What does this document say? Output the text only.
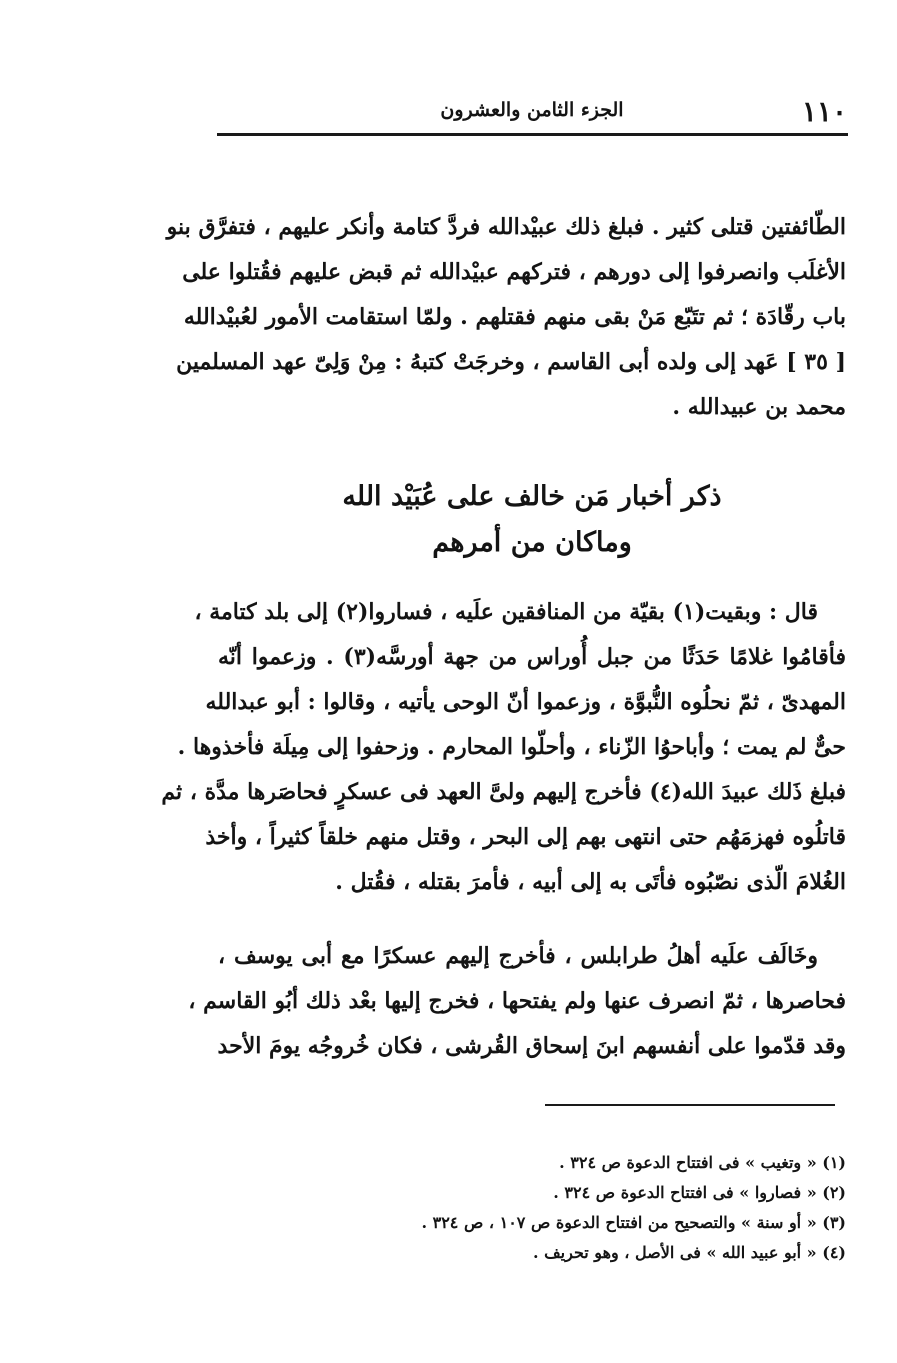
١١٠
الجزء الثامن والعشرون
الطّائفتين قتلى كثير . فبلغ ذلك عبيْدالله فردَّ كتامة وأنكر عليهم ، فتفرَّق بنو
الأغلَب وانصرفوا إلى دورهم ، فتركهم عبيْدالله ثم قبض عليهم فقُتلوا على
باب رقّادَة ؛ ثم تتَبّع مَنْ بقى منهم فقتلهم . ولمّا استقامت الأمور لعُبيْدالله
[ ٣٥ ] عَهد إلى ولده أبى القاسم ، وخرجَتْ كتبهُ : مِنْ وَلِىّ عهد المسلمين
محمد بن عبيدالله .
ذكر أخبار مَن خالف على عُبَيْد الله
وماكان من أمرهم
قال : وبقيت(١) بقيّة من المنافقين علَيه ، فساروا(٢) إلى بلد كتامة ،
فأقامُوا غلامًا حَدَثًا من جبل أُوراس من جهة أورسَّه(٣) . وزعموا أنّه
المهدىّ ، ثمّ نحلُوه النُّبوَّة ، وزعموا أنّ الوحى يأتيه ، وقالوا : أبو عبدالله
حىٌّ لم يمت ؛ وأباحوُا الزّناء ، وأحلّوا المحارم . وزحفوا إلى مِيلَة فأخذوها .
فبلغ ذَلك عبيدَ الله(٤) فأخرج إليهم ولىَّ العهد فى عسكرٍ فحاصَرها مدَّة ، ثم
قاتلُوه فهزمَهُم حتى انتهى بهم إلى البحر ، وقتل منهم خلقاً كثيراً ، وأخذ
الغُلامَ الّذى نصّبُوه فأتَى به إلى أبيه ، فأمرَ بقتله ، فقُتل .
وخَالَف علَيه أهلُ طرابلس ، فأخرج إليهم عسكرًا مع أبى يوسف ،
فحاصرها ، ثمّ انصرف عنها ولم يفتحها ، فخرج إليها بعْد ذلك أبُو القاسم ،
وقد قدّموا على أنفسهم ابنَ إسحاق القُرشى ، فكان خُروجُه يومَ الأحد
(١) « وتغيب » فى افتتاح الدعوة ص ٣٢٤ .
(٢) « فصاروا » فى افتتاح الدعوة ص ٣٢٤ .
(٣) « أو سنة » والتصحيح من افتتاح الدعوة ص ١٠٧ ، ص ٣٢٤ .
(٤) « أبو عبيد الله » فى الأصل ، وهو تحريف .
